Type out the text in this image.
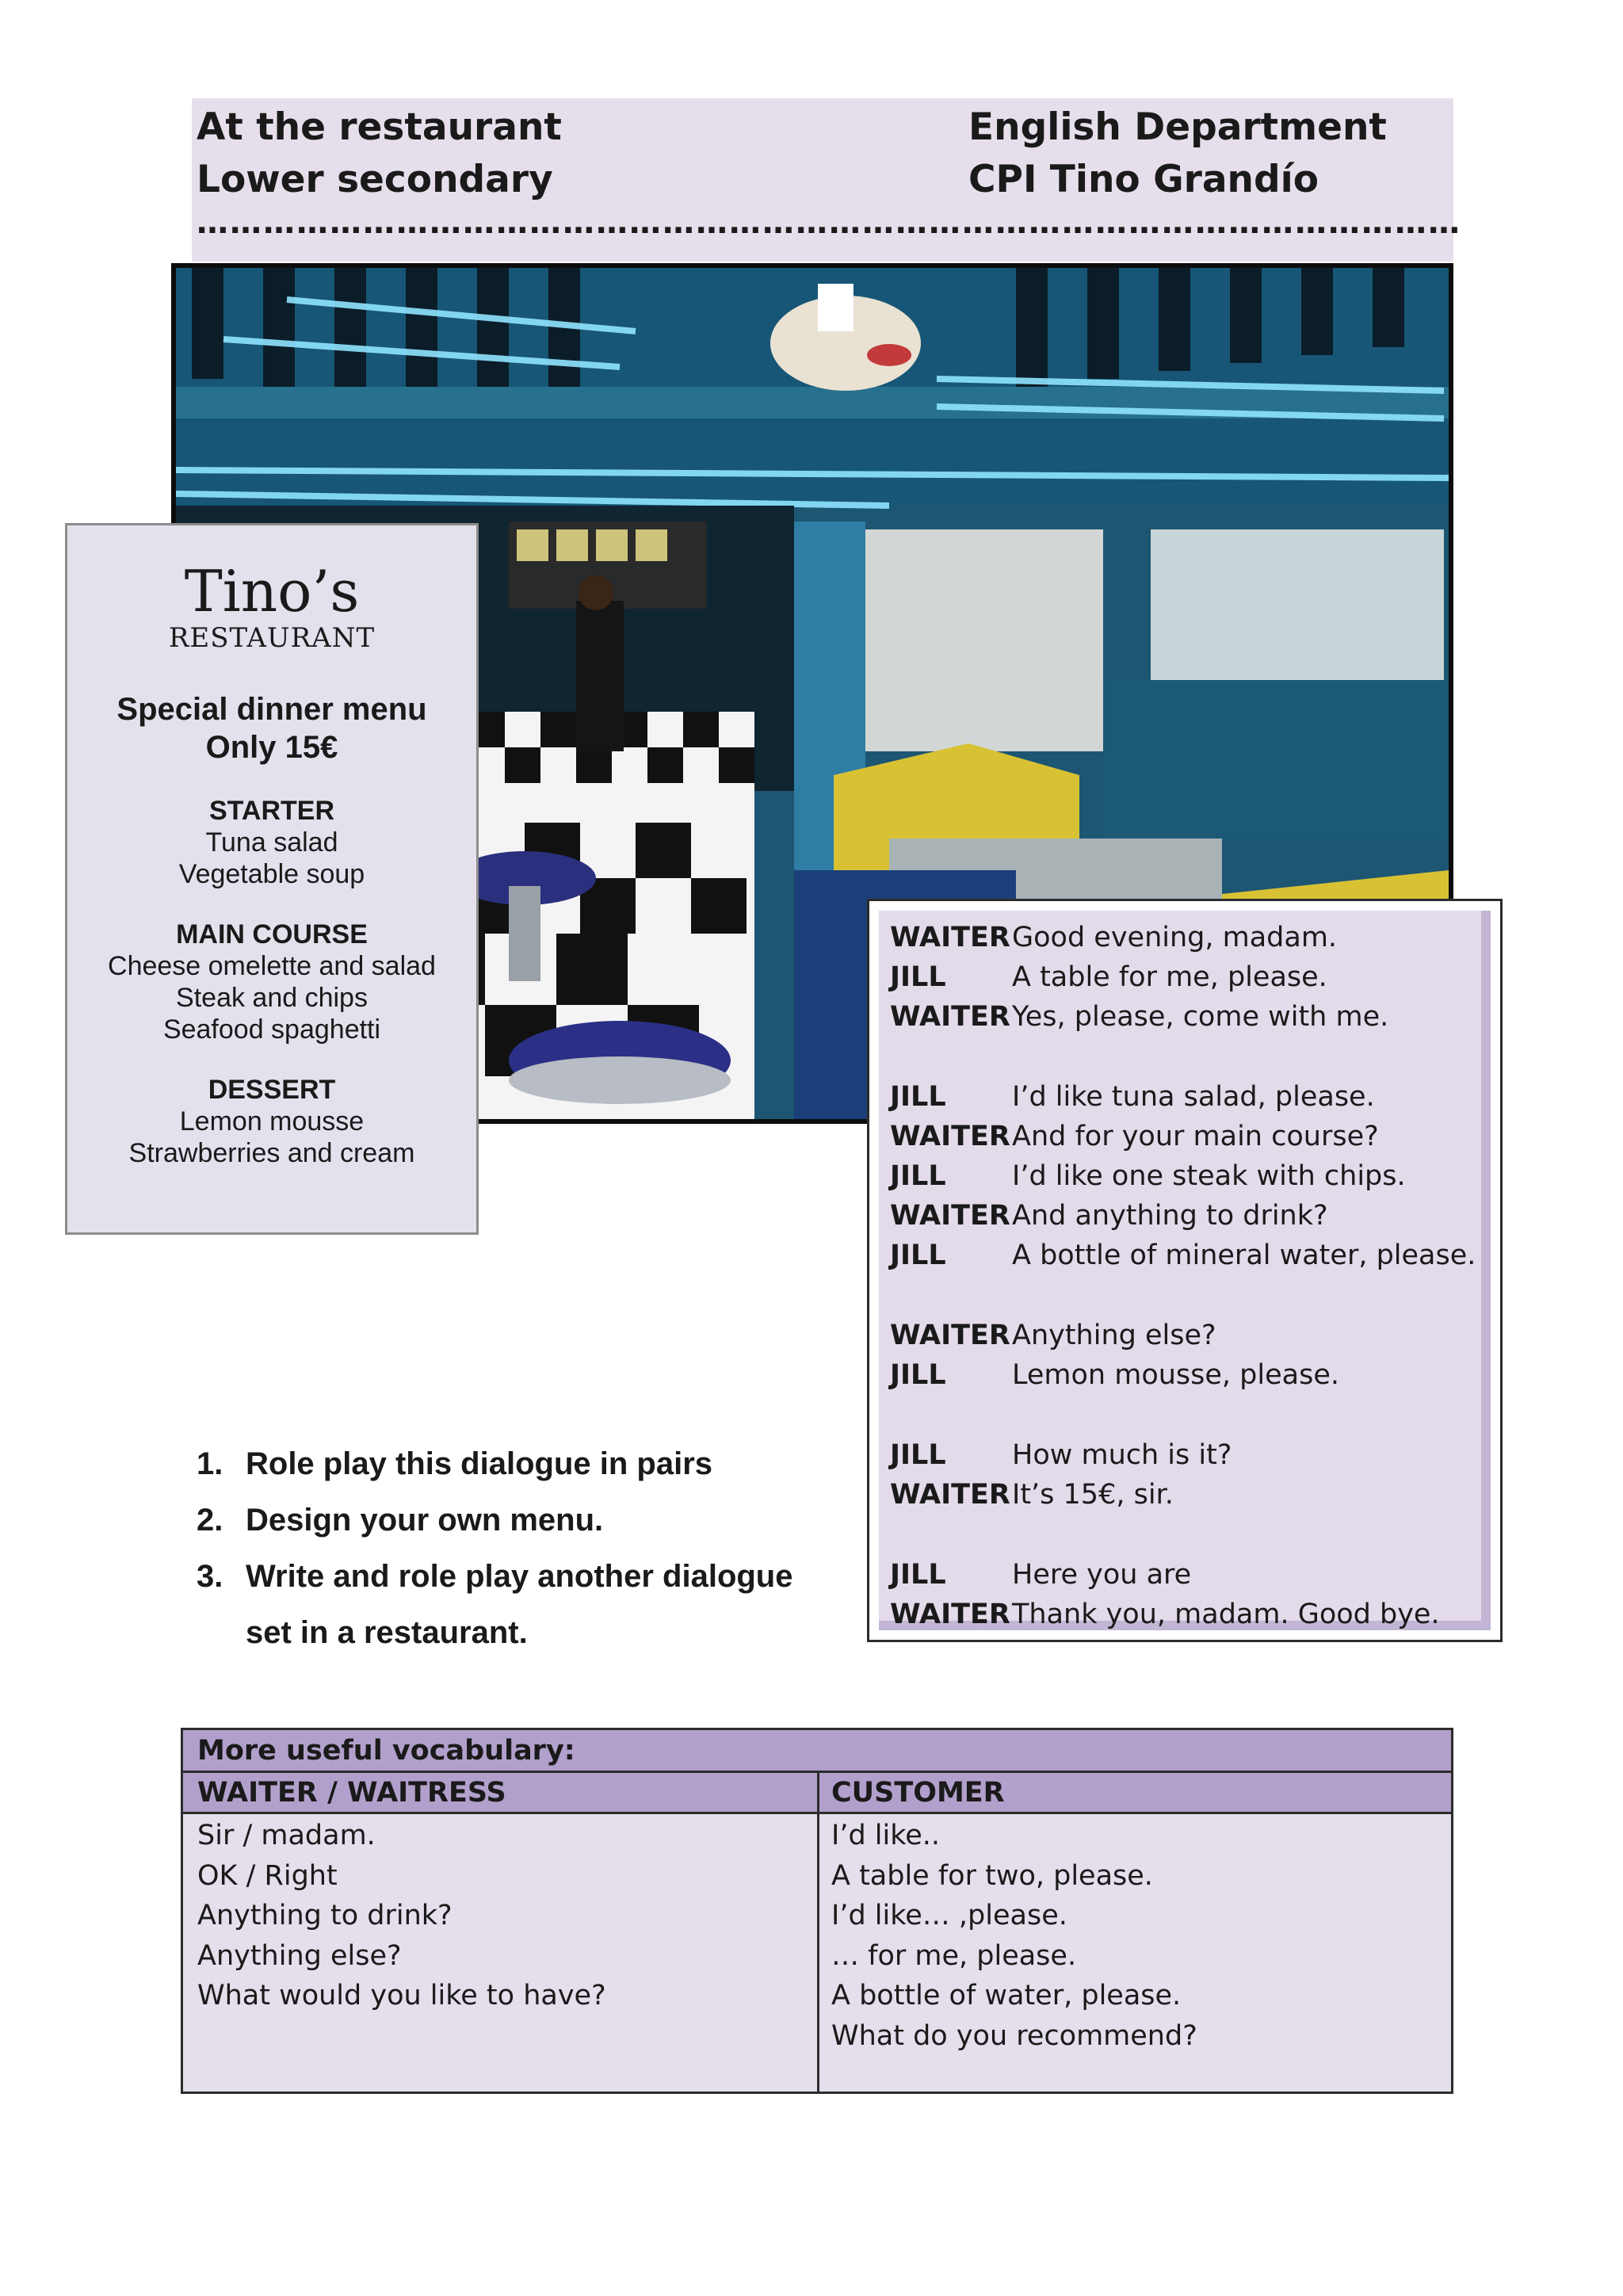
At the restaurant
Lower secondary
English Department
CPI Tino Grandío
……………………………………………………………………………………………………
Tino’s
RESTAURANT
Special dinner menu
Only 15€
STARTER
Tuna salad
Vegetable soup
MAIN COURSE
Cheese omelette and salad
Steak and chips
Seafood spaghetti
DESSERT
Lemon mousse
Strawberries and cream
WAITERGood evening, madam.
JILL A table for me, please.
WAITERYes, please, come with me.
JILL I’d like tuna salad, please.
WAITERAnd for your main course?
JILL I’d like one steak with chips.
WAITERAnd anything to drink?
JILL A bottle of mineral water, please.
WAITERAnything else?
JILL Lemon mousse, please.
JILL How much is it?
WAITERIt’s 15€, sir.
JILL Here you are
WAITERThank you, madam. Good bye.
1. Role play this dialogue in pairs
2. Design your own menu.
3. Write and role play another dialogue set in a restaurant.
More useful vocabulary:
WAITER / WAITRESS	CUSTOMER
Sir / madam.
OK / Right
Anything to drink?
Anything else?
What would you like to have?
I’d like..
A table for two, please.
I’d like… ,please.
… for me, please.
A bottle of water, please.
What do you recommend?
